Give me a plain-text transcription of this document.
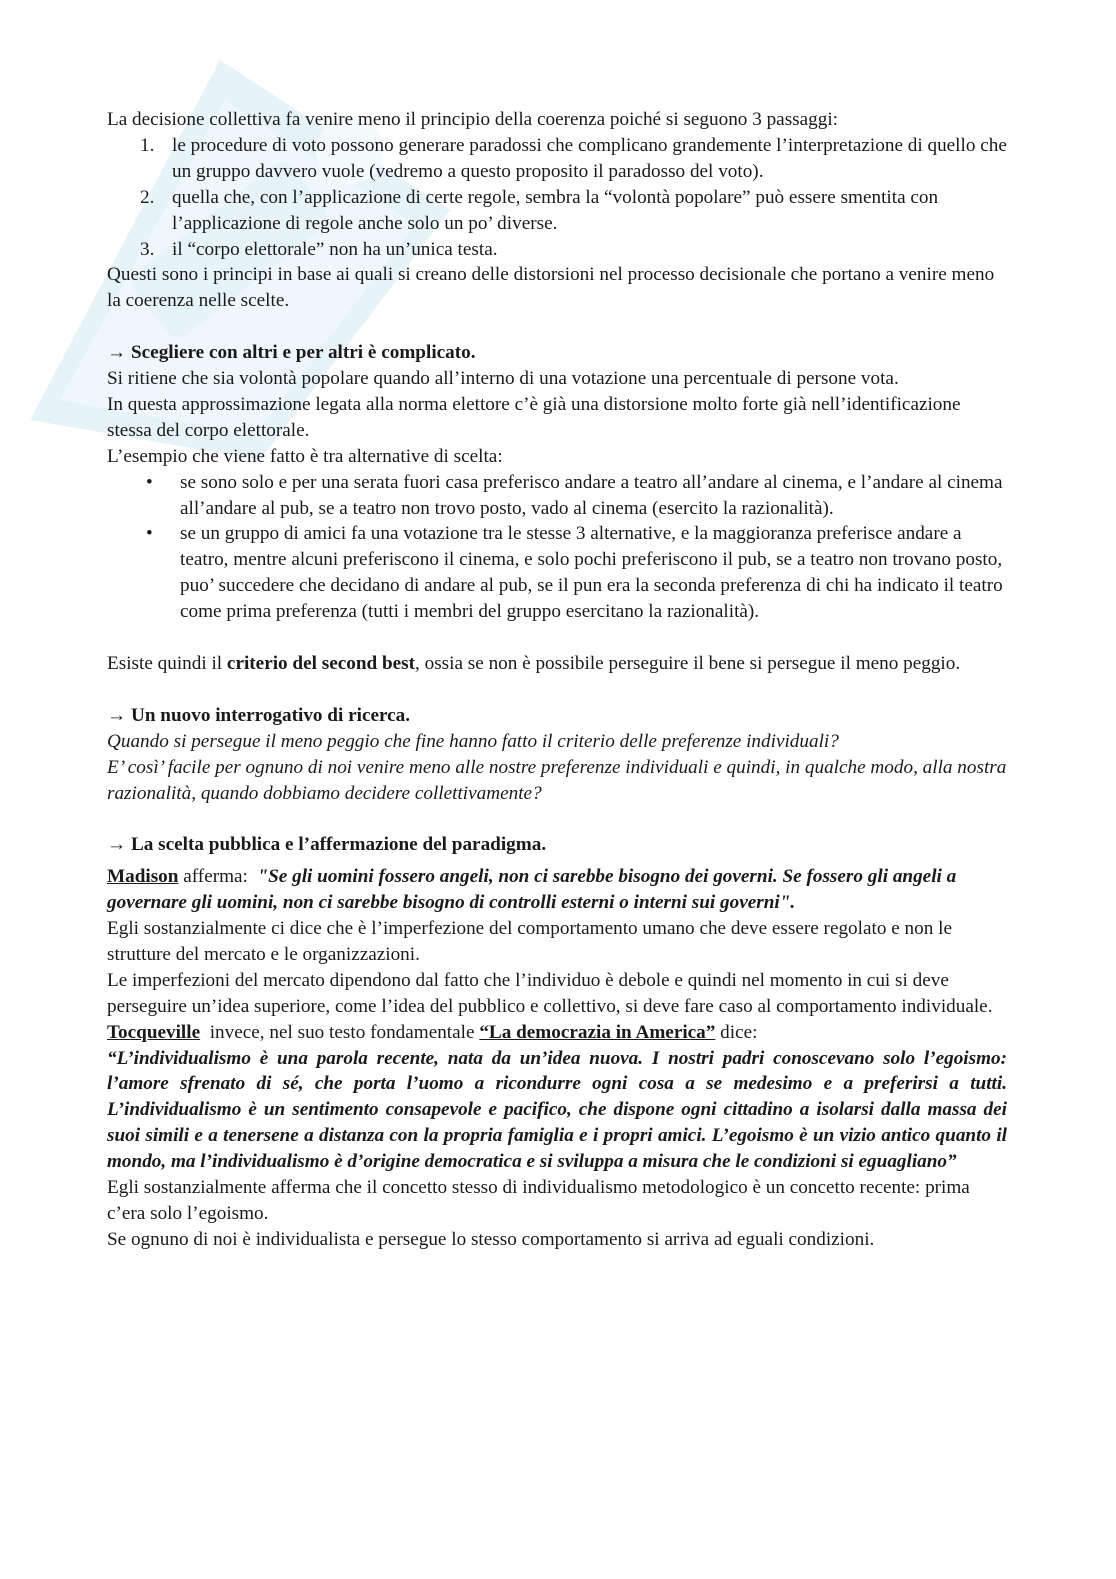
La decisione collettiva fa venire meno il principio della coerenza poiché si seguono 3 passaggi:

1. le procedure di voto possono generare paradossi che complicano grandemente l’interpretazione di quello che un gruppo davvero vuole (vedremo a questo proposito il paradosso del voto).
2. quella che, con l’applicazione di certe regole, sembra la “volontà popolare” può essere smentita con l’applicazione di regole anche solo un po’ diverse.
3. il “corpo elettorale” non ha un’unica testa.

Questi sono i principi in base ai quali si creano delle distorsioni nel processo decisionale che portano a venire meno la coerenza nelle scelte.

→ Scegliere con altri e per altri è complicato.

Si ritiene che sia volontà popolare quando all’interno di una votazione una percentuale di persone vota.

In questa approssimazione legata alla norma elettore c’è già una distorsione molto forte già nell’identificazione stessa del corpo elettorale.

L’esempio che viene fatto è tra alternative di scelta:

• se sono solo e per una serata fuori casa preferisco andare a teatro all’andare al cinema, e l’andare al cinema all’andare al pub, se a teatro non trovo posto, vado al cinema (esercito la razionalità).
• se un gruppo di amici fa una votazione tra le stesse 3 alternative, e la maggioranza preferisce andare a teatro, mentre alcuni preferiscono il cinema, e solo pochi preferiscono il pub, se a teatro non trovano posto, puo’ succedere che decidano di andare al pub, se il pun era la seconda preferenza di chi ha indicato il teatro come prima preferenza (tutti i membri del gruppo esercitano la razionalità).

Esiste quindi il criterio del second best, ossia se non è possibile perseguire il bene si persegue il meno peggio.

→ Un nuovo interrogativo di ricerca.

Quando si persegue il meno peggio che fine hanno fatto il criterio delle preferenze individuali?

E’ così’ facile per ognuno di noi venire meno alle nostre preferenze individuali e quindi, in qualche modo, alla nostra razionalità, quando dobbiamo decidere collettivamente?

→ La scelta pubblica e l’affermazione del paradigma.

Madison afferma:  "Se gli uomini fossero angeli, non ci sarebbe bisogno dei governi. Se fossero gli angeli a governare gli uomini, non ci sarebbe bisogno di controlli esterni o interni sui governi".

Egli sostanzialmente ci dice che è l’imperfezione del comportamento umano che deve essere regolato e non le strutture del mercato e le organizzazioni.

Le imperfezioni del mercato dipendono dal fatto che l’individuo è debole e quindi nel momento in cui si deve perseguire un’idea superiore, come l’idea del pubblico e collettivo, si deve fare caso al comportamento individuale.

Tocqueville  invece, nel suo testo fondamentale “La democrazia in America” dice:

“L’individualismo è una parola recente, nata da un’idea nuova. I nostri padri conoscevano solo l’egoismo: l’amore sfrenato di sé, che porta l’uomo a ricondurre ogni cosa a se medesimo e a preferirsi a tutti. L’individualismo è un sentimento consapevole e pacifico, che dispone ogni cittadino a isolarsi dalla massa dei suoi simili e a tenersene a distanza con la propria famiglia e i propri amici. L’egoismo è un vizio antico quanto il mondo, ma l’individualismo è d’origine democratica e si sviluppa a misura che le condizioni si eguagliano”

Egli sostanzialmente afferma che il concetto stesso di individualismo metodologico è un concetto recente: prima c’era solo l’egoismo.

Se ognuno di noi è individualista e persegue lo stesso comportamento si arriva ad eguali condizioni.
